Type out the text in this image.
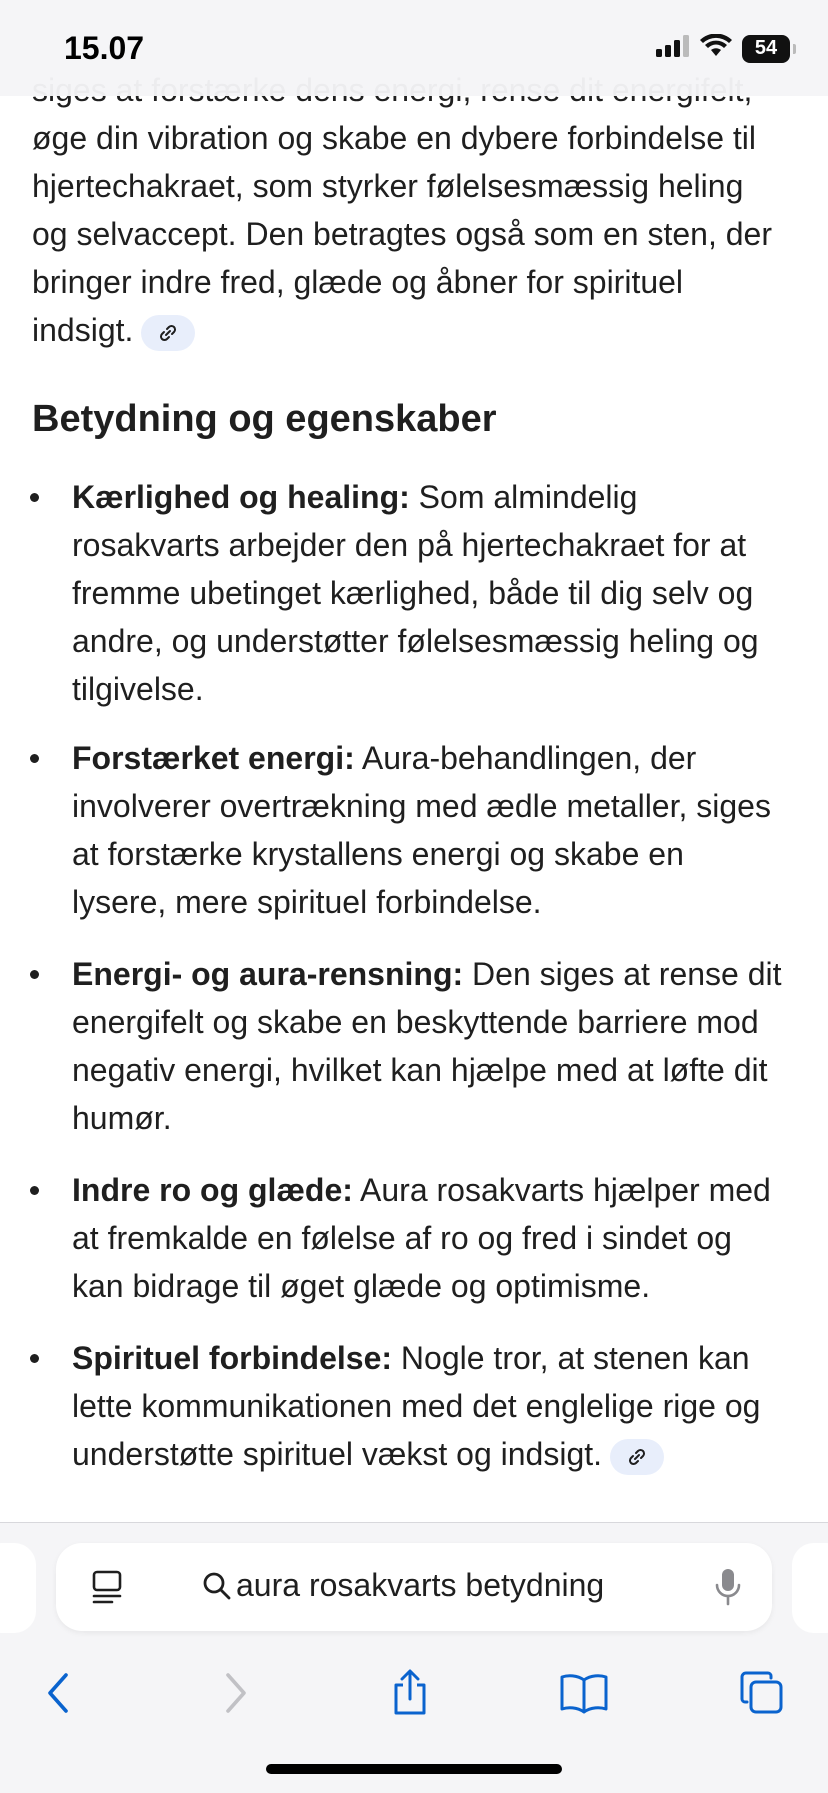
15.07	54

øge din vibration og skabe en dybere forbindelse til
hjertechakraet, som styrker følelsesmæssig heling
og selvaccept. Den betragtes også som en sten, der
bringer indre fred, glæde og åbner for spirituel
indsigt.

Betydning og egenskaber
Kærlighed og healing: Som almindelig
rosakvarts arbejder den på hjertechakraet for at
fremme ubetinget kærlighed, både til dig selv og
andre, og understøtter følelsesmæssig heling og
tilgivelse.
Forstærket energi: Aura-behandlingen, der
involverer overtrækning med ædle metaller, siges
at forstærke krystallens energi og skabe en
lysere, mere spirituel forbindelse.
Energi- og aura-rensning: Den siges at rense dit
energifelt og skabe en beskyttende barriere mod
negativ energi, hvilket kan hjælpe med at løfte dit
humør.
Indre ro og glæde: Aura rosakvarts hjælper med
at fremkalde en følelse af ro og fred i sindet og
kan bidrage til øget glæde og optimisme.
Spirituel forbindelse: Nogle tror, at stenen kan
lette kommunikationen med det englelige rige og
understøtte spirituel vækst og indsigt.
aura rosakvarts betydning
